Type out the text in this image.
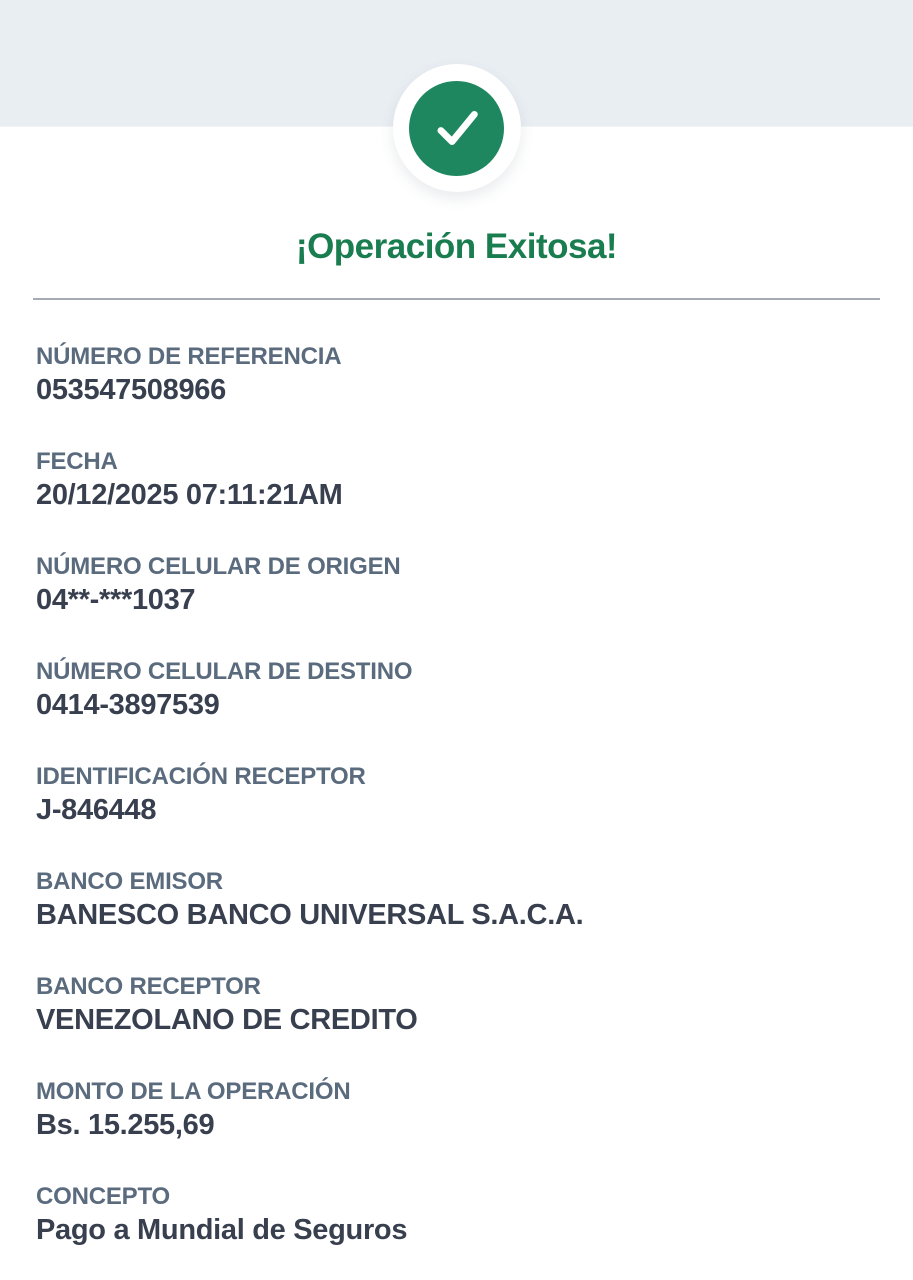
¡Operación Exitosa!
NÚMERO DE REFERENCIA
053547508966
FECHA
20/12/2025 07:11:21AM
NÚMERO CELULAR DE ORIGEN
04**-***1037
NÚMERO CELULAR DE DESTINO
0414-3897539
IDENTIFICACIÓN RECEPTOR
J-846448
BANCO EMISOR
BANESCO BANCO UNIVERSAL S.A.C.A.
BANCO RECEPTOR
VENEZOLANO DE CREDITO
MONTO DE LA OPERACIÓN
Bs. 15.255,69
CONCEPTO
Pago a Mundial de Seguros
